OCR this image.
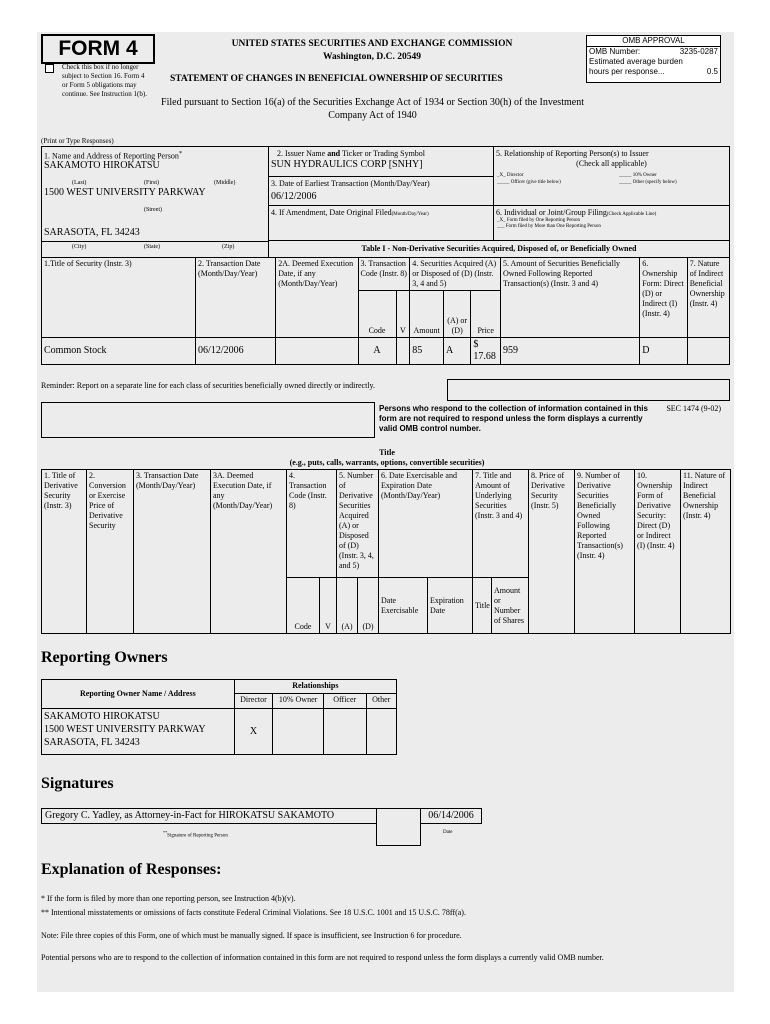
FORM 4
Check this box if no longer subject to Section 16. Form 4 or Form 5 obligations may continue. See Instruction 1(b).
UNITED STATES SECURITIES AND EXCHANGE COMMISSION
Washington, D.C. 20549
STATEMENT OF CHANGES IN BENEFICIAL OWNERSHIP OF SECURITIES
Filed pursuant to Section 16(a) of the Securities Exchange Act of 1934 or Section 30(h) of the Investment Company Act of 1940
OMB APPROVAL
OMB Number:	3235-0287
Estimated average burden
hours per response...	0.5
(Print or Type Responses)
1. Name and Address of Reporting Person*
SAKAMOTO HIROKATSU
(Last)	(First)	(Middle)
1500 WEST UNIVERSITY PARKWAY
(Street)
SARASOTA, FL 34243
(City)	(State)	(Zip)
2. Issuer Name and Ticker or Trading Symbol
SUN HYDRAULICS CORP [SNHY]
3. Date of Earliest Transaction (Month/Day/Year)
06/12/2006
4. If Amendment, Date Original Filed(Month/Day/Year)
5. Relationship of Reporting Person(s) to Issuer
(Check all applicable)
_X_ Director	_____ 10% Owner
_____ Officer (give title below)	_____ Other (specify below)
6. Individual or Joint/Group Filing(Check Applicable Line)
_X_ Form filed by One Reporting Person
___ Form filed by More than One Reporting Person
Table I - Non-Derivative Securities Acquired, Disposed of, or Beneficially Owned
1.Title of Security (Instr. 3)	2. Transaction Date (Month/Day/Year)	2A. Deemed Execution Date, if any (Month/Day/Year)	3. Transaction Code (Instr. 8)		4. Securities Acquired (A) or Disposed of (D) (Instr. 3, 4 and 5)			5. Amount of Securities Beneficially Owned Following Reported Transaction(s) (Instr. 3 and 4)	6. Ownership Form: Direct (D) or Indirect (I) (Instr. 4)	7. Nature of Indirect Beneficial Ownership (Instr. 4)
			Code	V	Amount	(A) or (D)	Price			
Common Stock	06/12/2006		A		85	A	$ 17.68	959	D	
Reminder: Report on a separate line for each class of securities beneficially owned directly or indirectly.
Persons who respond to the collection of information contained in this form are not required to respond unless the form displays a currently valid OMB control number.
SEC 1474 (9-02)
Title
(e.g., puts, calls, warrants, options, convertible securities)
1. Title of Derivative Security (Instr. 3)	2. Conversion or Exercise Price of Derivative Security	3. Transaction Date (Month/Day/Year)	3A. Deemed Execution Date, if any (Month/Day/Year)	4. Transaction Code (Instr. 8)		5. Number of Derivative Securities Acquired (A) or Disposed of (D) (Instr. 3, 4, and 5)		6. Date Exercisable and Expiration Date (Month/Day/Year)		7. Title and Amount of Underlying Securities (Instr. 3 and 4)		8. Price of Derivative Security (Instr. 5)	9. Number of Derivative Securities Beneficially Owned Following Reported Transaction(s) (Instr. 4)	10. Ownership Form of Derivative Security: Direct (D) or Indirect (I) (Instr. 4)	11. Nature of Indirect Beneficial Ownership (Instr. 4)
				Code	V	(A)	(D)	Date Exercisable	Expiration Date	Title	Amount or Number of Shares				
Reporting Owners
Reporting Owner Name / Address	Relationships			
	Director	10% Owner	Officer	Other

SAKAMOTO HIROKATSU
1500 WEST UNIVERSITY PARKWAY
SARASOTA, FL 34243	X			
Signatures
Gregory C. Yadley, as Attorney-in-Fact for HIROKATSU SAKAMOTO	06/14/2006
**Signature of Reporting Person
Date
Explanation of Responses:
* If the form is filed by more than one reporting person, see Instruction 4(b)(v).
** Intentional misstatements or omissions of facts constitute Federal Criminal Violations. See 18 U.S.C. 1001 and 15 U.S.C. 78ff(a).
Note: File three copies of this Form, one of which must be manually signed. If space is insufficient, see Instruction 6 for procedure.
Potential persons who are to respond to the collection of information contained in this form are not required to respond unless the form displays a currently valid OMB number.
